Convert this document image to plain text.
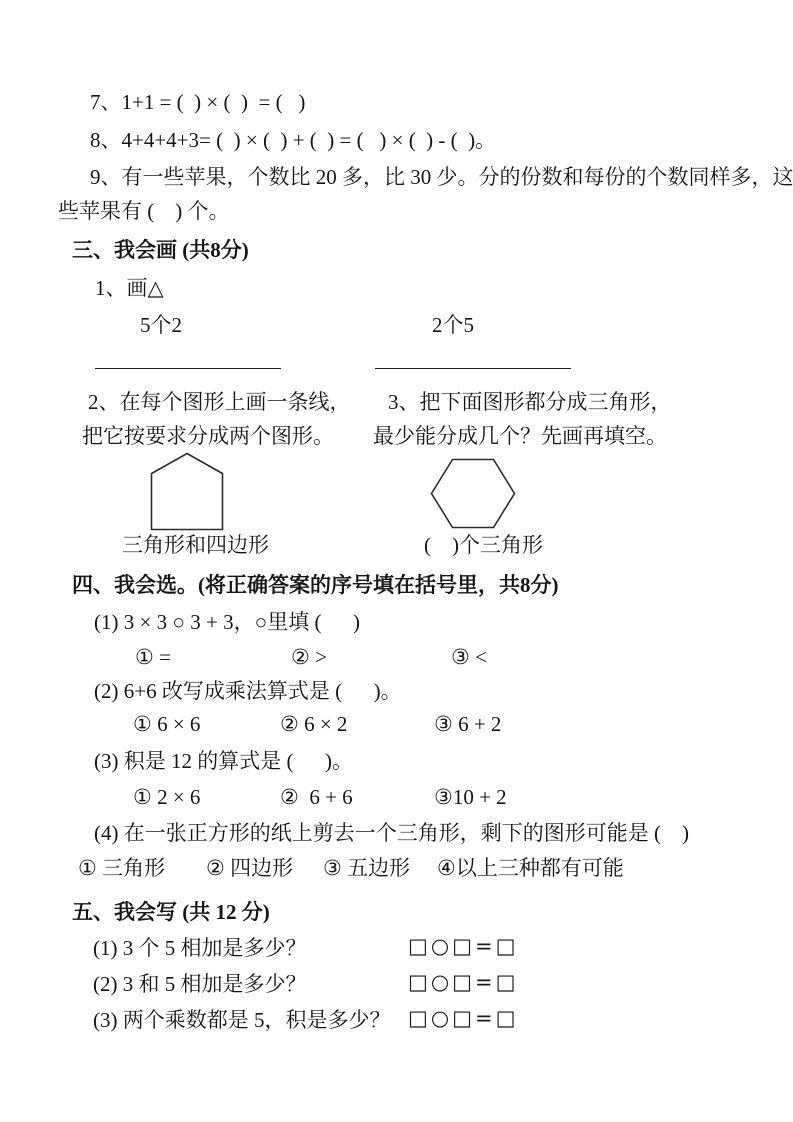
7、1+1 = (  ) × (  )  = (   )
8、4+4+4+3= (  ) × (  ) + (  ) = (   ) × (  ) - (  )。
9、有一些苹果，个数比 20 多，比 30 少。分的份数和每份的个数同样多，这
些苹果有 (    ) 个。
三、我会画 (共8分)
1、画△
5个2	2个5
2、在每个图形上画一条线，
把它按要求分成两个图形。
3、把下面图形都分成三角形，
最少能分成几个？先画再填空。
三角形和四边形	(    )个三角形
四、我会选。(将正确答案的序号填在括号里，共8分)
(1) 3 × 3 ○ 3 + 3，○里填 (      )
① =	② >	③ <
(2) 6+6 改写成乘法算式是 (      )。
① 6 × 6	② 6 × 2	③ 6 + 2
(3) 积是 12 的算式是 (      )。
① 2 × 6	②  6 + 6	③10 + 2
(4) 在一张正方形的纸上剪去一个三角形，剩下的图形可能是 (    )
① 三角形 ② 四边形 ③ 五边形 ④以上三种都有可能
五、我会写 (共 12 分)
(1) 3 个 5 相加是多少？	□○□=□
(2) 3 和 5 相加是多少？	□○□=□
(3) 两个乘数都是 5，积是多少？ □○□=□
